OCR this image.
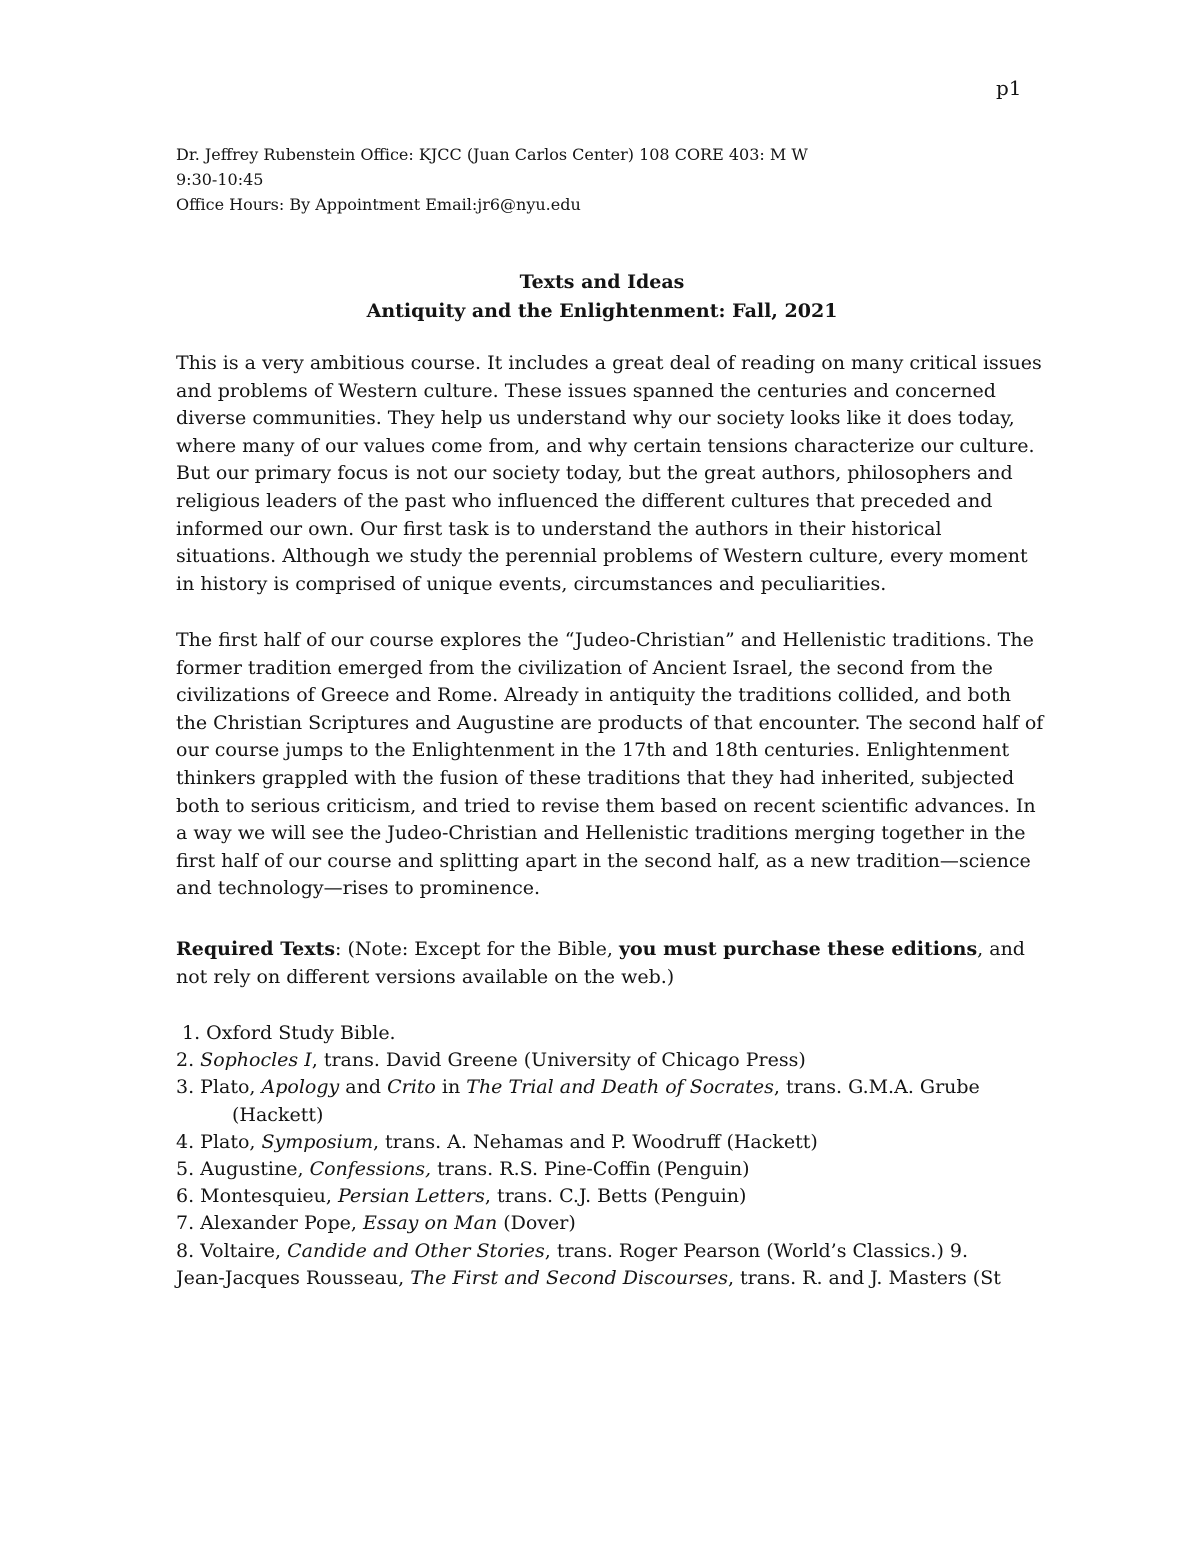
p1
Dr. Jeffrey Rubenstein Office: KJCC (Juan Carlos Center) 108 CORE 403: M W
9:30-10:45
Office Hours: By Appointment Email:jr6@nyu.edu
Texts and Ideas
Antiquity and the Enlightenment: Fall, 2021

This is a very ambitious course. It includes a great deal of reading on many critical issues and problems of Western culture. These issues spanned the centuries and concerned diverse communities. They help us understand why our society looks like it does today, where many of our values come from, and why certain tensions characterize our culture. But our primary focus is not our society today, but the great authors, philosophers and religious leaders of the past who influenced the different cultures that preceded and informed our own. Our first task is to understand the authors in their historical situations. Although we study the perennial problems of Western culture, every moment in history is comprised of unique events, circumstances and peculiarities.

The first half of our course explores the “Judeo-Christian” and Hellenistic traditions. The former tradition emerged from the civilization of Ancient Israel, the second from the civilizations of Greece and Rome. Already in antiquity the traditions collided, and both the Christian Scriptures and Augustine are products of that encounter. The second half of our course jumps to the Enlightenment in the 17th and 18th centuries. Enlightenment thinkers grappled with the fusion of these traditions that they had inherited, subjected both to serious criticism, and tried to revise them based on recent scientific advances. In a way we will see the Judeo-Christian and Hellenistic traditions merging together in the first half of our course and splitting apart in the second half, as a new tradition—science and technology—rises to prominence.

Required Texts: (Note: Except for the Bible, you must purchase these editions, and not rely on different versions available on the web.)

1. Oxford Study Bible.
2. Sophocles I, trans. David Greene (University of Chicago Press)
3. Plato, Apology and Crito in The Trial and Death of Socrates, trans. G.M.A. Grube
(Hackett)
4. Plato, Symposium, trans. A. Nehamas and P. Woodruff (Hackett)
5. Augustine, Confessions, trans. R.S. Pine-Coffin (Penguin)
6. Montesquieu, Persian Letters, trans. C.J. Betts (Penguin)
7. Alexander Pope, Essay on Man (Dover)
8. Voltaire, Candide and Other Stories, trans. Roger Pearson (World’s Classics.) 9.
Jean-Jacques Rousseau, The First and Second Discourses, trans. R. and J. Masters (St
